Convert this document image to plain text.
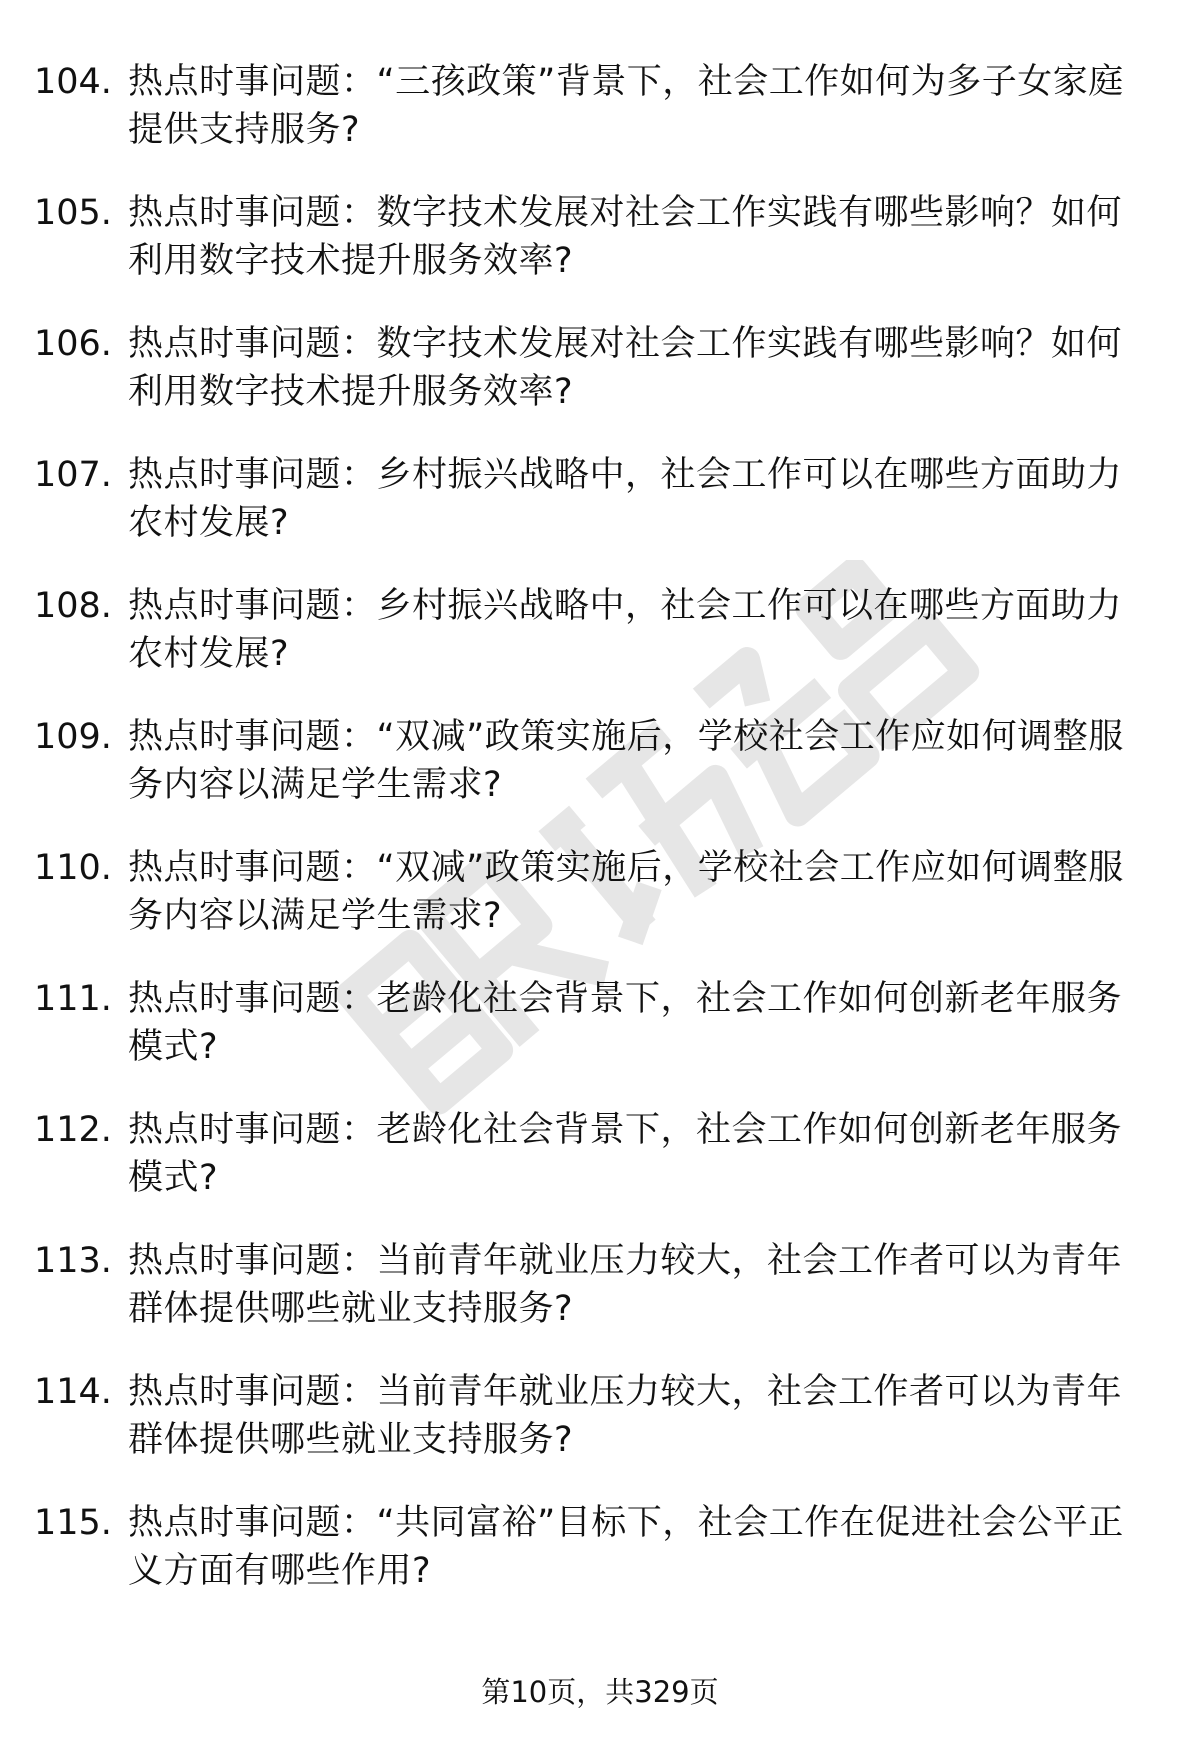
104. 热点时事问题：“三孩政策”背景下，社会工作如何为多子女家庭提供支持服务?
105. 热点时事问题：数字技术发展对社会工作实践有哪些影响？如何利用数字技术提升服务效率?
106. 热点时事问题：数字技术发展对社会工作实践有哪些影响？如何利用数字技术提升服务效率?
107. 热点时事问题：乡村振兴战略中，社会工作可以在哪些方面助力农村发展?
108. 热点时事问题：乡村振兴战略中，社会工作可以在哪些方面助力农村发展?
109. 热点时事问题：“双减”政策实施后，学校社会工作应如何调整服务内容以满足学生需求?
110. 热点时事问题：“双减”政策实施后，学校社会工作应如何调整服务内容以满足学生需求?
111. 热点时事问题：老龄化社会背景下，社会工作如何创新老年服务模式?
112. 热点时事问题：老龄化社会背景下，社会工作如何创新老年服务模式?
113. 热点时事问题：当前青年就业压力较大，社会工作者可以为青年群体提供哪些就业支持服务?
114. 热点时事问题：当前青年就业压力较大，社会工作者可以为青年群体提供哪些就业支持服务?
115. 热点时事问题：“共同富裕”目标下，社会工作在促进社会公平正义方面有哪些作用?
第10页，共329页
